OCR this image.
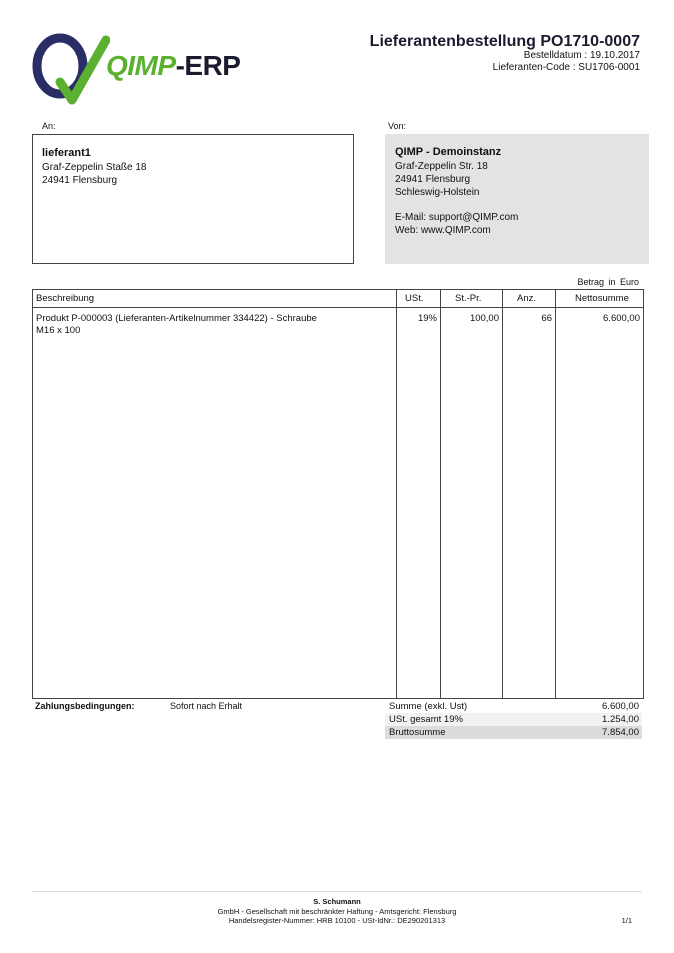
QIMP-ERP
Lieferantenbestellung PO1710-0007
Bestelldatum : 19.10.2017
Lieferanten-Code : SU1706-0001
An:	Von:
lieferant1
Graf-Zeppelin Staße 18
24941 Flensburg
QIMP - Demoinstanz
Graf-Zeppelin Str. 18
24941 Flensburg
Schleswig-Holstein
E-Mail: support@QIMP.com
Web: www.QIMP.com
Betrag in Euro
Beschreibung	USt.	St.-Pr.	Anz.	Nettosumme
Produkt P-000003 (Lieferanten-Artikelnummer 334422) - Schraube
M16 x 100
19%	100,00	66	6.600,00
Zahlungsbedingungen:	Sofort nach Erhalt	Summe (exkl. Ust)	6.600,00
USt. gesamt 19%	1.254,00
Bruttosumme	7.854,00
S. Schumann
GmbH - Gesellschaft mit beschränkter Haftung - Amtsgericht: Flensburg
Handelsregister-Nummer: HRB 10100 - USt-IdNr.: DE290201313	1/1
